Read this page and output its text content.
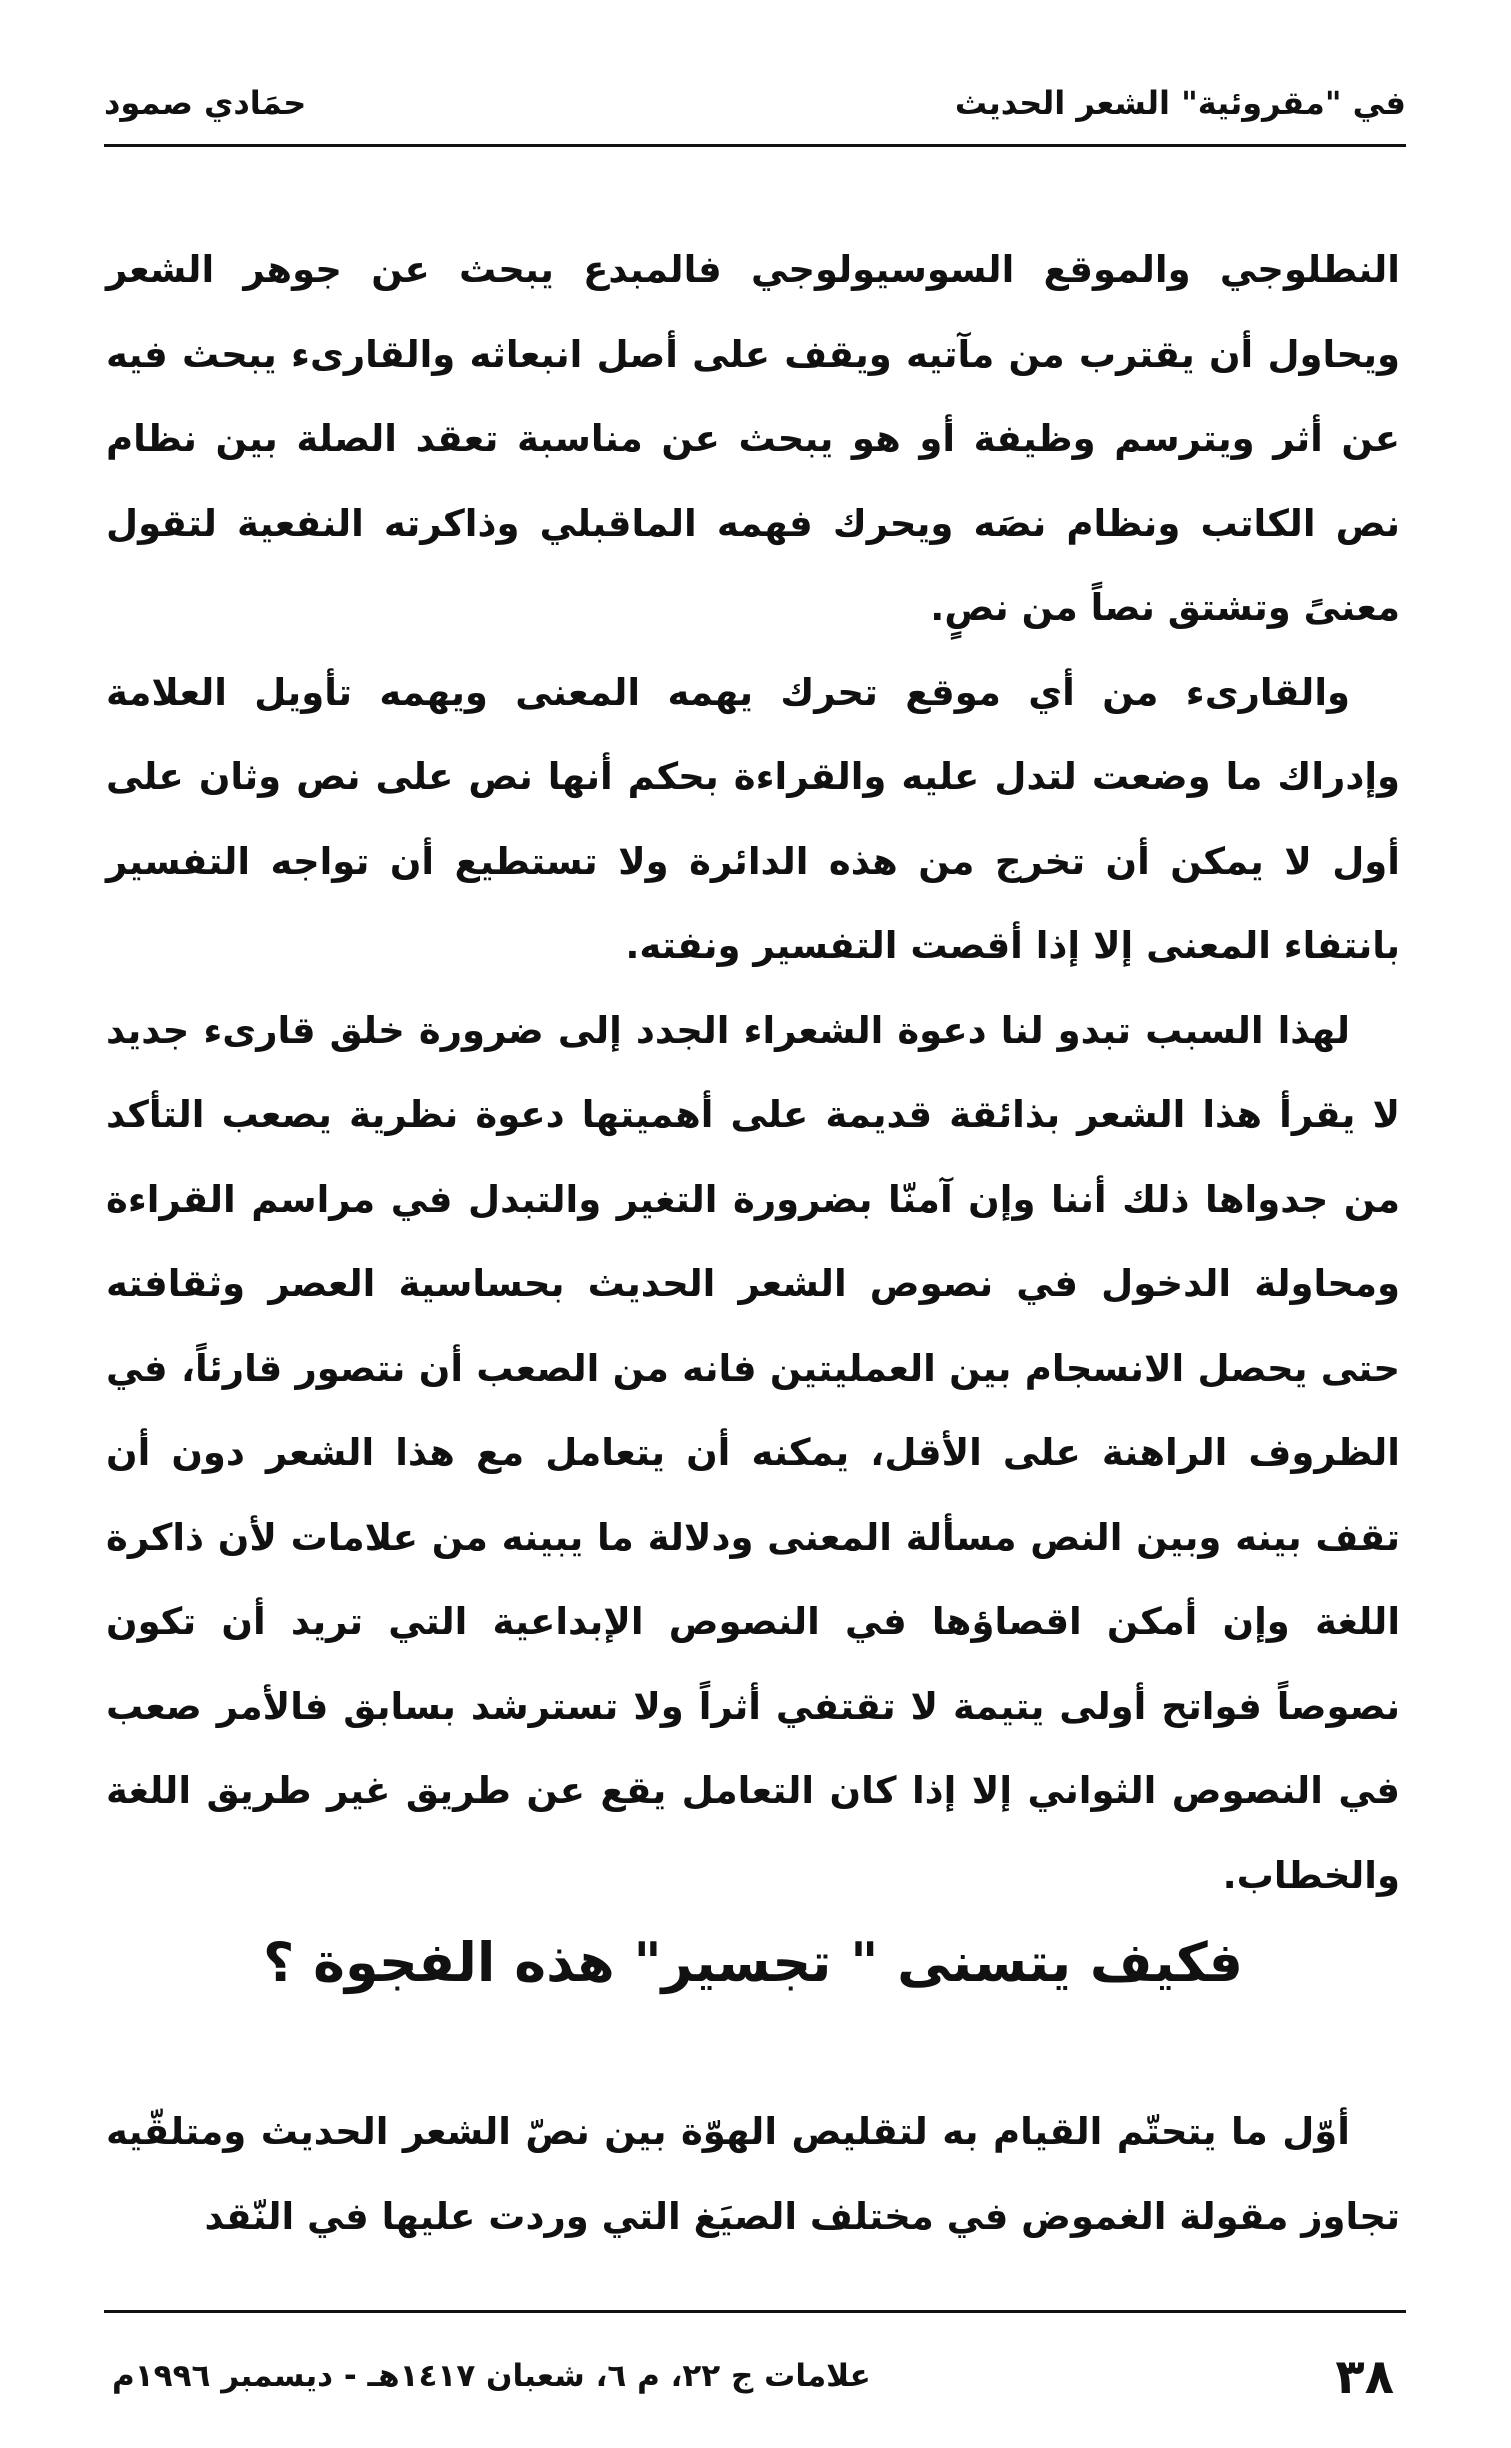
في "مقروئية" الشعر الحديث
حمَادي صمود

النطلوجي والموقع السوسيولوجي فالمبدع يبحث عن جوهر الشعر ويحاول أن يقترب من مآتيه ويقف على أصل انبعاثه والقارىء يبحث فيه عن أثر ويترسم وظيفة أو هو يبحث عن مناسبة تعقد الصلة بين نظام نص الكاتب ونظام نصَه ويحرك فهمه الماقبلي وذاكرته النفعية لتقول معنىً وتشتق نصاً من نصٍ.

والقارىء من أي موقع تحرك يهمه المعنى ويهمه تأويل العلامة وإدراك ما وضعت لتدل عليه والقراءة بحكم أنها نص على نص وثان على أول لا يمكن أن تخرج من هذه الدائرة ولا تستطيع أن تواجه التفسير بانتفاء المعنى إلا إذا أقصت التفسير ونفته.

لهذا السبب تبدو لنا دعوة الشعراء الجدد إلى ضرورة خلق قارىء جديد لا يقرأ هذا الشعر بذائقة قديمة على أهميتها دعوة نظرية يصعب التأكد من جدواها ذلك أننا وإن آمنّا بضرورة التغير والتبدل في مراسم القراءة ومحاولة الدخول في نصوص الشعر الحديث بحساسية العصر وثقافته حتى يحصل الانسجام بين العمليتين فانه من الصعب أن نتصور قارئاً، في الظروف الراهنة على الأقل، يمكنه أن يتعامل مع هذا الشعر دون أن تقف بينه وبين النص مسألة المعنى ودلالة ما يبينه من علامات لأن ذاكرة اللغة وإن أمكن اقصاؤها في النصوص الإبداعية التي تريد أن تكون نصوصاً فواتح أولى يتيمة لا تقتفي أثراً ولا تسترشد بسابق فالأمر صعب في النصوص الثواني إلا إذا كان التعامل يقع عن طريق غير طريق اللغة والخطاب.

فكيف يتسنى " تجسير" هذه الفجوة ؟

أوّل ما يتحتّم القيام به لتقليص الهوّة بين نصّ الشعر الحديث ومتلقّيه تجاوز مقولة الغموض في مختلف الصيَغ التي وردت عليها في النّقد

٣٨
علامات ج ٢٢، م ٦، شعبان ١٤١٧هـ - ديسمبر ١٩٩٦م
